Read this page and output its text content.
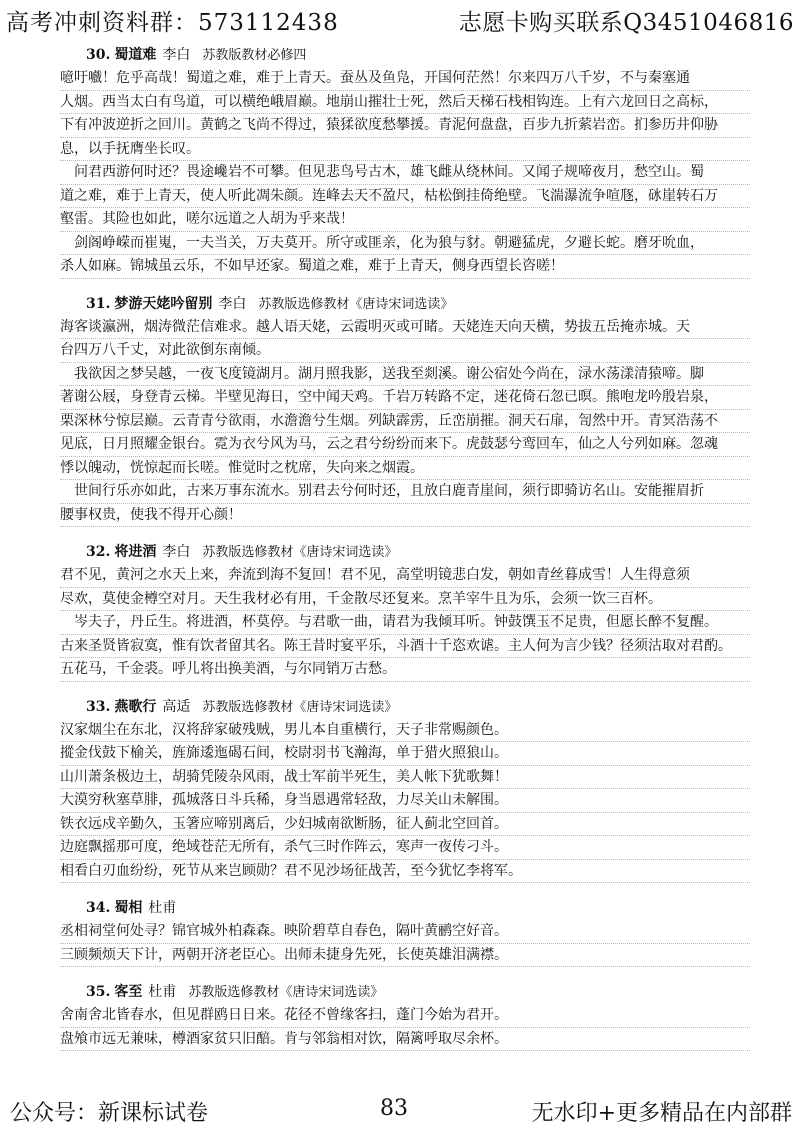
高考冲刺资料群：573112438	志愿卡购买联系Q3451046816
30. 蜀道难 李白 苏教版教材必修四
噫吁嚱！危乎高哉！蜀道之难，难于上青天。蚕丛及鱼凫，开国何茫然！尔来四万八千岁，不与秦塞通
人烟。西当太白有鸟道，可以横绝峨眉巅。地崩山摧壮士死，然后天梯石栈相钩连。上有六龙回日之高标，
下有冲波逆折之回川。黄鹤之飞尚不得过，猿猱欲度愁攀援。青泥何盘盘，百步九折萦岩峦。扪参历井仰胁
息，以手抚膺坐长叹。
　问君西游何时还？畏途巉岩不可攀。但见悲鸟号古木，雄飞雌从绕林间。又闻子规啼夜月，愁空山。蜀
道之难，难于上青天，使人听此凋朱颜。连峰去天不盈尺，枯松倒挂倚绝壁。飞湍瀑流争喧豗，砯崖转石万
壑雷。其险也如此，嗟尔远道之人胡为乎来哉！
　剑阁峥嵘而崔嵬，一夫当关，万夫莫开。所守或匪亲，化为狼与豺。朝避猛虎，夕避长蛇。磨牙吮血，
杀人如麻。锦城虽云乐，不如早还家。蜀道之难，难于上青天，侧身西望长咨嗟！
31. 梦游天姥吟留别 李白 苏教版选修教材《唐诗宋词选读》
海客谈瀛洲，烟涛微茫信难求。越人语天姥，云霞明灭或可睹。天姥连天向天横，势拔五岳掩赤城。天
台四万八千丈，对此欲倒东南倾。
　我欲因之梦吴越，一夜飞度镜湖月。湖月照我影，送我至剡溪。谢公宿处今尚在，渌水荡漾清猿啼。脚
著谢公屐，身登青云梯。半壁见海日，空中闻天鸡。千岩万转路不定，迷花倚石忽已暝。熊咆龙吟殷岩泉，
栗深林兮惊层巅。云青青兮欲雨，水澹澹兮生烟。列缺霹雳，丘峦崩摧。洞天石扉，訇然中开。青冥浩荡不
见底，日月照耀金银台。霓为衣兮风为马，云之君兮纷纷而来下。虎鼓瑟兮鸾回车，仙之人兮列如麻。忽魂
悸以魄动，恍惊起而长嗟。惟觉时之枕席，失向来之烟霞。
　世间行乐亦如此，古来万事东流水。别君去兮何时还，且放白鹿青崖间，须行即骑访名山。安能摧眉折
腰事权贵，使我不得开心颜！
32. 将进酒 李白 苏教版选修教材《唐诗宋词选读》
君不见，黄河之水天上来，奔流到海不复回！君不见，高堂明镜悲白发，朝如青丝暮成雪！人生得意须
尽欢，莫使金樽空对月。天生我材必有用，千金散尽还复来。烹羊宰牛且为乐，会须一饮三百杯。
　岑夫子，丹丘生。将进酒，杯莫停。与君歌一曲，请君为我倾耳听。钟鼓馔玉不足贵，但愿长醉不复醒。
古来圣贤皆寂寞，惟有饮者留其名。陈王昔时宴平乐，斗酒十千恣欢谑。主人何为言少钱？径须沽取对君酌。
五花马，千金裘。呼儿将出换美酒，与尔同销万古愁。
33. 燕歌行 高适 苏教版选修教材《唐诗宋词选读》
汉家烟尘在东北，汉将辞家破残贼，男儿本自重横行，天子非常赐颜色。
摐金伐鼓下榆关，旌旆逶迤碣石间，校尉羽书飞瀚海，单于猎火照狼山。
山川萧条极边土，胡骑凭陵杂风雨，战士军前半死生，美人帐下犹歌舞！
大漠穷秋塞草腓，孤城落日斗兵稀，身当恩遇常轻敌，力尽关山未解围。
铁衣远戍辛勤久，玉箸应啼别离后，少妇城南欲断肠，征人蓟北空回首。
边庭飘摇那可度，绝域苍茫无所有，杀气三时作阵云，寒声一夜传刁斗。
相看白刃血纷纷，死节从来岂顾勋？君不见沙场征战苦，至今犹忆李将军。
34. 蜀相 杜甫
丞相祠堂何处寻？锦官城外柏森森。映阶碧草自春色，隔叶黄鹂空好音。
三顾频烦天下计，两朝开济老臣心。出师未捷身先死，长使英雄泪满襟。
35. 客至 杜甫 苏教版选修教材《唐诗宋词选读》
舍南舍北皆春水，但见群鸥日日来。花径不曾缘客扫，蓬门今始为君开。
盘飧市远无兼味，樽酒家贫只旧醅。肯与邻翁相对饮，隔篱呼取尽余杯。
公众号：新课标试卷	83	无水印+更多精品在内部群
